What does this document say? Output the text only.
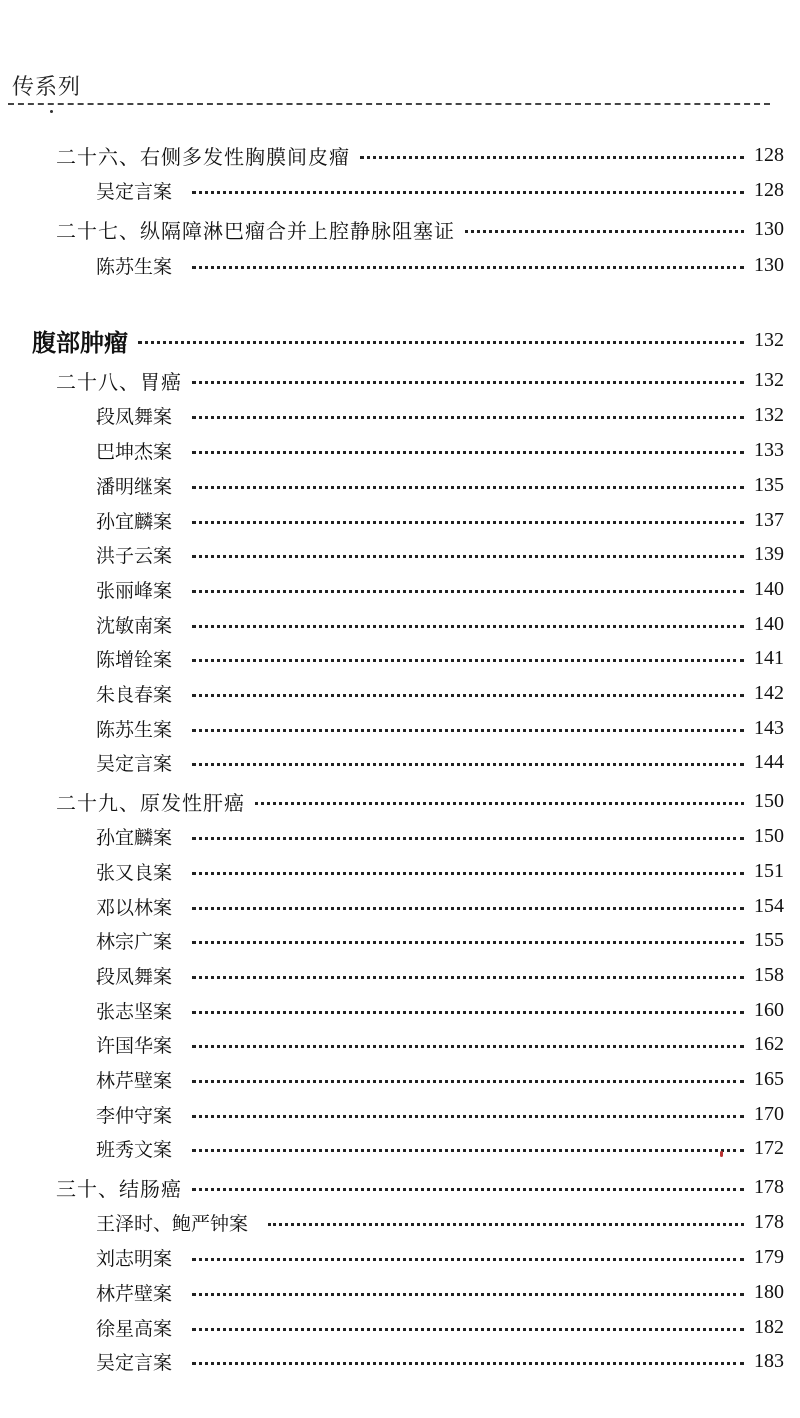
传系列
二十六、右侧多发性胸膜间皮瘤	128
吴定言案	128
二十七、纵隔障淋巴瘤合并上腔静脉阻塞证	130
陈苏生案	130
腹部肿瘤	132
二十八、胃癌	132
段凤舞案	132
巴坤杰案	133
潘明继案	135
孙宜麟案	137
洪子云案	139
张丽峰案	140
沈敏南案	140
陈增铨案	141
朱良春案	142
陈苏生案	143
吴定言案	144
二十九、原发性肝癌	150
孙宜麟案	150
张又良案	151
邓以林案	154
林宗广案	155
段凤舞案	158
张志坚案	160
许国华案	162
林芹壁案	165
李仲守案	170
班秀文案	172
三十、结肠癌	178
王泽时、鲍严钟案	178
刘志明案	179
林芹壁案	180
徐星高案	182
吴定言案	183
